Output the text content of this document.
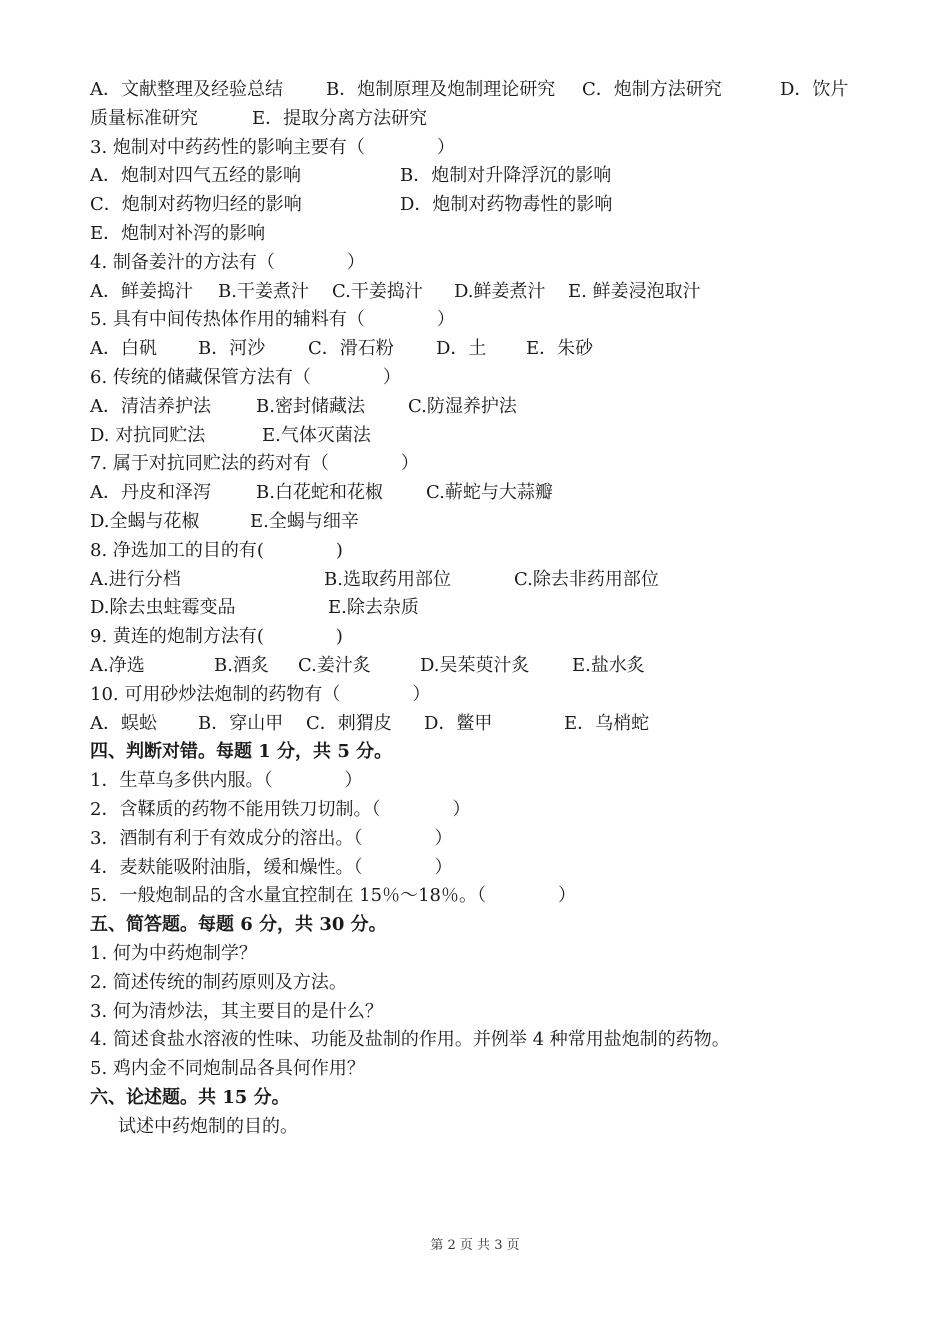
A．文献整理及经验总结 B．炮制原理及炮制理论研究 C．炮制方法研究	D．饮片
质量标准研究	E．提取分离方法研究
3. 炮制对中药药性的影响主要有（　　　　）
A．炮制对四气五经的影响	B．炮制对升降浮沉的影响
C．炮制对药物归经的影响	D．炮制对药物毒性的影响
E．炮制对补泻的影响
4. 制备姜汁的方法有（　　　　）
A．鲜姜捣汁 B.干姜煮汁 C.干姜捣汁 D.鲜姜煮汁 E. 鲜姜浸泡取汁
5. 具有中间传热体作用的辅料有（　　　　）
A．白矾 B．河沙 C．滑石粉 D．土 E．朱砂
6. 传统的储藏保管方法有（　　　　）
A．清洁养护法	B.密封储藏法 C.防湿养护法
D. 对抗同贮法	E.气体灭菌法
7. 属于对抗同贮法的药对有（　　　　）
A．丹皮和泽泻	B.白花蛇和花椒 C.蕲蛇与大蒜瓣
D.全蝎与花椒	E.全蝎与细辛
8. 净选加工的目的有(　　　　)
A.进行分档	B.选取药用部位	C.除去非药用部位
D.除去虫蛀霉变品	E.除去杂质
9. 黄连的炮制方法有(　　　　)
A.净选	B.酒炙 C.姜汁炙	D.吴茱萸汁炙 E.盐水炙
10. 可用砂炒法炮制的药物有（　　　　）
A．蜈蚣 B．穿山甲 C．刺猬皮 D．鳖甲	E．乌梢蛇
四、判断对错。每题 1 分，共 5 分。
1．生草乌多供内服。（　　　　）
2．含鞣质的药物不能用铁刀切制。（　　　　）
3．酒制有利于有效成分的溶出。（　　　　）
4．麦麸能吸附油脂，缓和燥性。（　　　　）
5．一般炮制品的含水量宜控制在 15％～18％。（　　　　）
五、简答题。每题 6 分，共 30 分。
1. 何为中药炮制学？
2. 简述传统的制药原则及方法。
3. 何为清炒法，其主要目的是什么？
4. 简述食盐水溶液的性味、功能及盐制的作用。并例举 4 种常用盐炮制的药物。
5. 鸡内金不同炮制品各具何作用？
六、论述题。共 15 分。
试述中药炮制的目的。
第 2 页 共 3 页
